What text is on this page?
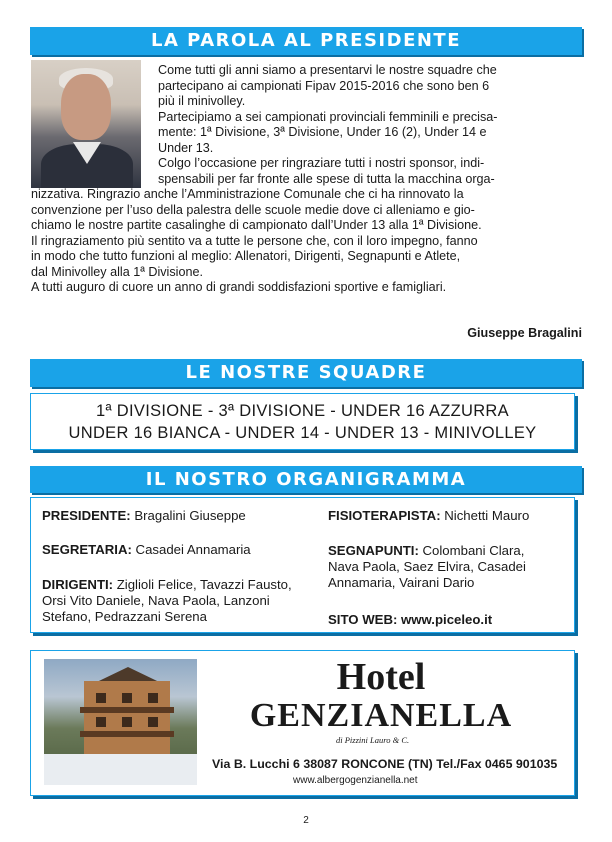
LA PAROLA AL PRESIDENTE
Come tutti gli anni siamo a presentarvi le nostre squadre che
partecipano ai campionati Fipav 2015-2016 che sono ben 6
più il minivolley.
Partecipiamo a sei campionati provinciali femminili e precisa-
mente: 1ª Divisione, 3ª Divisione, Under 16 (2), Under 14 e
Under 13.
Colgo l’occasione per ringraziare tutti i nostri sponsor, indi-
spensabili per far fronte alle spese di tutta la macchina orga-
nizzativa. Ringrazio anche l’Amministrazione Comunale che ci ha rinnovato la
convenzione per l’uso della palestra delle scuole medie dove ci alleniamo e gio-
chiamo le nostre partite casalinghe di campionato dall’Under 13 alla 1ª Divisione.
Il ringraziamento più sentito va a tutte le persone che, con il loro impegno, fanno
in modo che tutto funzioni al meglio: Allenatori, Dirigenti, Segnapunti e Atlete,
dal Minivolley alla 1ª Divisione.
A tutti auguro di cuore un anno di grandi soddisfazioni sportive e famigliari.
Giuseppe Bragalini
LE NOSTRE SQUADRE
1ª DIVISIONE - 3ª DIVISIONE - UNDER 16 AZZURRA
UNDER 16 BIANCA - UNDER 14 - UNDER 13 - MINIVOLLEY
IL NOSTRO ORGANIGRAMMA
PRESIDENTE: Bragalini Giuseppe
SEGRETARIA: Casadei Annamaria
DIRIGENTI: Ziglioli Felice, Tavazzi Fausto,
Orsi Vito Daniele, Nava Paola, Lanzoni
Stefano, Pedrazzani Serena
FISIOTERAPISTA: Nichetti Mauro
SEGNAPUNTI: Colombani Clara,
Nava Paola, Saez Elvira, Casadei
Annamaria, Vairani Dario
SITO WEB: www.piceleo.it
Hotel
GENZIANELLA
di Pizzini Lauro & C.
Via B. Lucchi 6 38087 RONCONE (TN) Tel./Fax 0465 901035
www.albergogenzianella.net
2
